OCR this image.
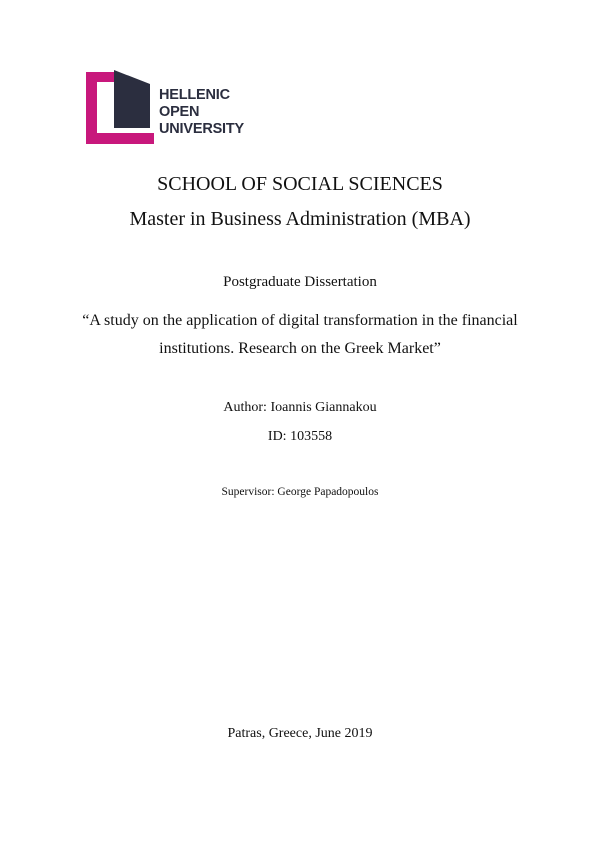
HELLENIC
OPEN
UNIVERSITY

SCHOOL OF SOCIAL SCIENCES

Master in Business Administration (MBA)

Postgraduate Dissertation

“A study on the application of digital transformation in the financial institutions. Research on the Greek Market”

Author: Ioannis Giannakou

ID: 103558

Supervisor: George Papadopoulos

Patras, Greece, June 2019
